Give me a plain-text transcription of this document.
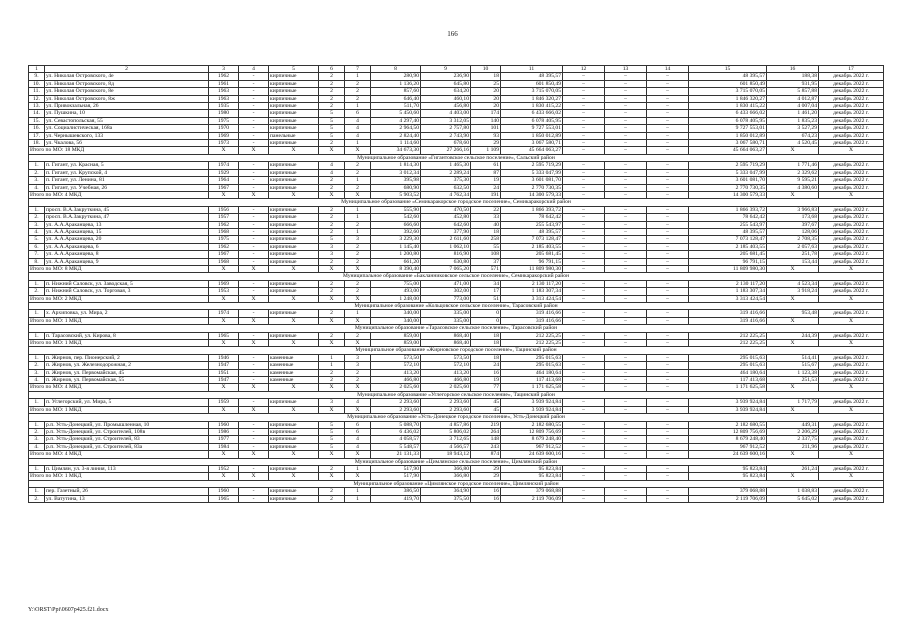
166
1	2	3	4	5	6	7	8	9	10	11	12	13	14	15	16	17
9.	ул. Николая Островского, 4е	1962	-	кирпичные	2	1	280,90	236,90	18	48 395,57	–	–	–	48 395,57	188,38	декабрь 2022 г.
10.	ул. Николая Островского, 8д	1961	-	кирпичные	2	2	1 136,20	645,80	25	601 850,49	–	–	–	601 850,49	931,95	декабрь 2022 г.
11.	ул. Николая Островского, 8е	1963	-	кирпичные	2	2	857,60	634,20	20	3 715 070,05	–	–	–	3 715 070,05	5 857,88	декабрь 2022 г.
12.	ул. Николая Островского, 8ж	1963	-	кирпичные	2	2	646,40	460,10	20	1 846 320,27	–	–	–	1 846 320,27	4 012,87	декабрь 2022 г.
13.	ул. Привокзальная, 26	1935	-	кирпичные	2	1	511,70	456,80	20	1 830 415,22	–	–	–	1 830 415,22	4 007,04	декабрь 2022 г.
14.	ул. Пушкина, 10	1980	-	кирпичные	5	6	5 450,60	4 403,00	174	6 433 666,02	–	–	–	6 433 666,02	1 461,20	декабрь 2022 г.
15.	ул. Севастопольская, 55	1975	-	кирпичные	5	4	4 297,40	3 312,05	140	6 078 405,95	–	–	–	6 078 405,95	1 835,23	декабрь 2022 г.
16.	ул. Социалистическая, 168а	1970	-	кирпичные	5	4	2 964,50	2 757,80	101	9 727 553,01	–	–	–	9 727 553,01	3 527,29	декабрь 2022 г.
17.	ул. Чернышевского, 133	1969	-	панельные	5	4	2 824,40	2 743,90	93	1 850 012,89	–	–	–	1 850 012,89	674,23	декабрь 2022 г.
18.	ул. Чкалова, 56	1973	-	кирпичные	2	1	1 114,60	678,60	29	3 067 580,71	–	–	–	3 067 580,71	4 520,45	декабрь 2022 г.
Итого по МО: 18 МКД		X	X	X	X	X	34 673,30	27 266,16	1 109	45 664 063,27	–	–	–	45 664 063,27	X	X
Муниципальное образование «Гигантовское сельское поселение», Сальский район																
1.	п. Гигант, ул. Красная, 5	1974	-	кирпичные	4	2	1 814,30	1 465,30	61	2 595 719,29	–	–	–	2 595 719,29	1 771,46	декабрь 2022 г.
2.	п. Гигант, ул. Крупской, 4	1929	-	кирпичные	4	2	3 012,34	2 289,24	87	5 333 047,99	–	–	–	5 333 047,99	2 329,62	декабрь 2022 г.
3.	п. Гигант, ул. Ленина, 81	1964	-	кирпичные	2	1	395,98	375,30	19	3 601 081,70	–	–	–	3 601 081,70	9 595,21	декабрь 2022 г.
4.	п. Гигант, ул. Учебная, 26	1967	-	кирпичные	2	2	680,90	632,50	24	2 770 730,35	–	–	–	2 770 730,35	4 380,60	декабрь 2022 г.
Итого по МО: 4 МКД		X	X	X	X	X	5 903,52	4 762,34	191	14 300 579,33	–	–	–	14 300 579,33	X	X
Муниципальное образование «Семикаракорское городское поселение», Семикаракорский район																
1.	просп. В.А.Закруткина, 45	1956	-	кирпичные	2	1	555,90	470,50	22	1 866 393,72	–	–	–	1 866 393,72	3 966,83	декабрь 2022 г.
2.	просп. В.А.Закруткина, 47	1957	-	кирпичные	2	1	542,60	452,80	33	78 642,42	–	–	–	78 642,42	173,68	декабрь 2022 г.
3.	ул. А.А.Араканцева, 13	1962	-	кирпичные	2	2	666,60	642,60	40	255 543,97	–	–	–	255 543,97	397,67	декабрь 2022 г.
4.	ул. А.А.Араканцева, 15	1968	-	кирпичные	2	1	392,60	377,90	18	48 395,57	–	–	–	48 395,57	128,06	декабрь 2022 г.
5.	ул. А.А.Араканцева, 20	1975	-	кирпичные	5	3	3 229,30	2 611,60	258	7 073 128,47	–	–	–	7 073 128,47	2 708,35	декабрь 2022 г.
6.	ул. А.А.Араканцева, 6	1962	-	кирпичные	3	2	1 145,40	1 062,10	55	2 185 403,55	–	–	–	2 185 403,55	2 057,63	декабрь 2022 г.
7.	ул. А.А.Араканцева, 8	1967	-	кирпичные	3	2	1 200,80	816,90	108	205 681,45	–	–	–	205 681,45	251,78	декабрь 2022 г.
8.	ул. А.А.Араканцева, 9	1968	-	кирпичные	2	2	661,20	630,80	37	96 791,15	–	–	–	96 791,15	153,44	декабрь 2022 г.
Итого по МО: 8 МКД		X	X	X	X	X	8 390,40	7 065,20	571	11 809 980,30	–	–	–	11 809 980,30	X	X
Муниципальное образование «Бакланниковское сельское поселение», Семикаракорский район																
1.	п. Нижний Саловск, ул. Заводская, 5	1969	-	кирпичные	2	2	755,00	471,00	34	2 130 117,20	–	–	–	2 130 117,20	4 523,34	декабрь 2022 г.
2.	п. Нижний Саловск, ул. Торговая, 3	1953	-	кирпичные	2	2	493,00	302,00	17	1 183 307,34	–	–	–	1 183 307,34	3 918,24	декабрь 2022 г.
Итого по МО: 2 МКД		X	X	X	X	X	1 248,00	773,00	51	3 313 424,54	–	–	–	3 313 424,54	X	X
Муниципальное образование «Кольцовское сельское поселение», Тарасовский район																
1.	х. Архиповка, ул. Мира, 2	1974	-	кирпичные	2	1	340,00	335,00	0	319 416,66	–	–	–	319 416,66	953,48	декабрь 2022 г.
Итого по МО: 1 МКД		X	X	X	X	X	340,00	335,00	0	319 416,66	–	–	–	319 416,66	X	X
Муниципальное образование «Тарасовское сельское поселение», Тарасовский район																
1.	п. Тарасовский, ул. Кирова, 8	1965	-	кирпичные	2	2	859,00	868,40	18	212 225,25	–	–	–	212 225,25	244,39	декабрь 2022 г.
Итого по МО: 1 МКД		X	X	X	X	X	859,00	868,40	18	212 225,25	–	–	–	212 225,25	X	X
Муниципальное образование «Жирновское городское поселение», Тацинский район																
1.	п. Жирнов, пер. Пионерский, 2	1946	-	каменные	1	3	573,50	573,50	18	295 015,63	–	–	–	295 015,63	514,41	декабрь 2022 г.
2.	п. Жирнов, ул. Железнодорожная, 2	1947	-	каменные	1	3	572,10	572,10	24	295 015,63	–	–	–	295 015,63	515,67	декабрь 2022 г.
3.	п. Жирнов, ул. Первомайская, 45	1951	-	каменные	2	2	413,20	413,20	16	464 180,64	–	–	–	464 180,64	1 123,38	декабрь 2022 г.
4.	п. Жирнов, ул. Первомайская, 55	1947	-	каменные	2	2	466,80	466,80	19	117 413,68	–	–	–	117 413,68	251,53	декабрь 2022 г.
Итого по МО: 4 МКД		X	X	X	X	X	2 025,60	2 025,60	77	1 171 625,58	–	–	–	1 171 625,58	X	X
Муниципальное образование «Углегорское сельское поселение», Тацинский район																
1.	п. Углегорский, ул. Мира, 5	1959	-	кирпичные	3	4	2 293,60	2 293,60	45	3 939 924,84	–	–	–	3 939 924,84	1 717,79	декабрь 2022 г.
Итого по МО: 1 МКД		X	X	X	X	X	2 293,60	2 293,60	45	3 939 924,84	–	–	–	3 939 924,84	X	X
Муниципальное образование «Усть-Донецкое городское поселение», Усть-Донецкий район																
1.	р.п. Усть-Донецкий, ул. Промышленная, 10	1960	-	кирпичные	5	6	5 088,70	4 857,86	219	2 182 680,55	–	–	–	2 182 680,55	449,31	декабрь 2022 г.
2.	р.п. Усть-Донецкий, ул. Строителей, 108в	1986	-	кирпичные	5	6	6 436,02	5 806,02	264	12 809 756,69	–	–	–	12 809 756,69	2 206,29	декабрь 2022 г.
3.	р.п. Усть-Донецкий, ул. Строителей, 83	1977	-	кирпичные	5	4	4 058,57	3 712,65	148	8 679 248,40	–	–	–	8 679 248,40	2 337,75	декабрь 2022 г.
4.	р.п. Усть-Донецкий, ул. Строителей, 83а	1984	-	кирпичные	5	4	5 548,57	4 566,57	243	967 912,52	–	–	–	967 912,52	211,96	декабрь 2022 г.
Итого по МО: 4 МКД		X	X	X	X	X	21 131,33	18 943,12	874	24 639 600,16	–	–	–	24 639 600,16	X	X
Муниципальное образование «Цимлянское сельское поселение», Цимлянский район																
1.	п. Цимлян, ул. 3-я линия, 113	1952	-	кирпичные	2	1	517,90	366,80	29	95 823,84	–	–	–	95 823,84	261,24	декабрь 2022 г.
Итого по МО: 1 МКД		X	X	X	X	X	517,90	366,80	29	95 823,84	–	–	–	95 823,84	X	X
Муниципальное образование «Цимлянское городское поселение», Цимлянский район																
1.	пер. Газетный, 26	1960	-	кирпичные	2	1	386,50	364,90	16	379 068,88	–	–	–	379 068,88	1 038,83	декабрь 2022 г.
2.	ул. Ватутина, 13	1965	-	кирпичные	2	1	419,70	375,50	16	2 119 706,09	–	–	–	2 119 706,09	5 645,02	декабрь 2022 г.
Y:\ORST\Ppi\0607p425.f21.docx
